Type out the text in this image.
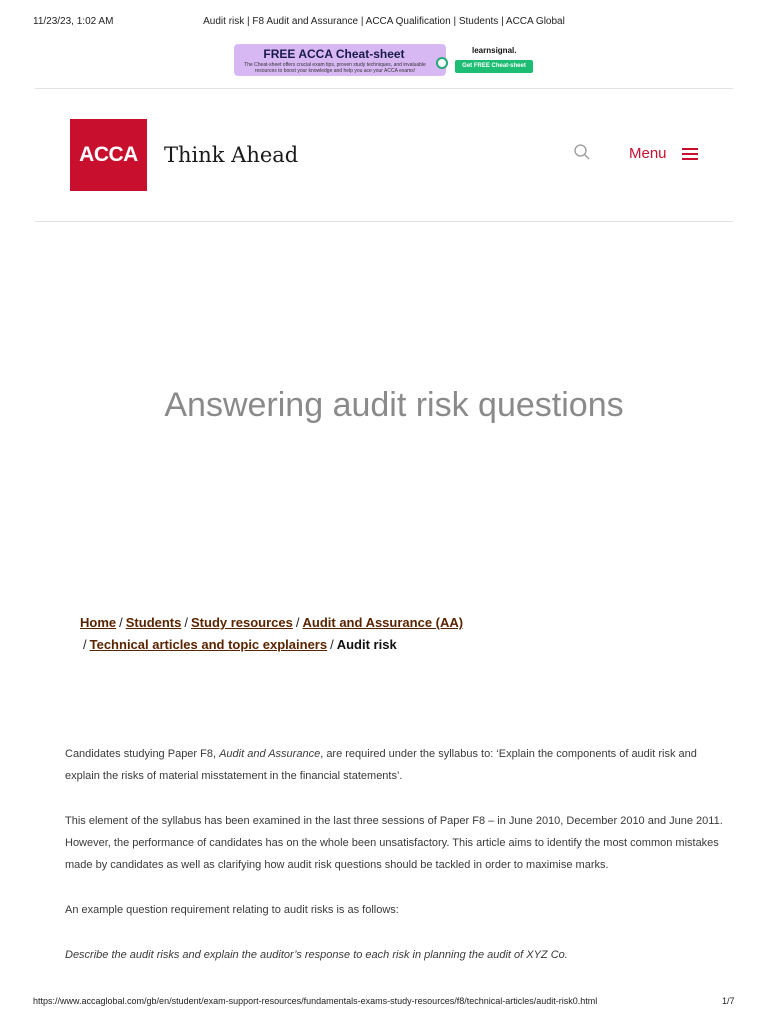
11/23/23, 1:02 AM	Audit risk | F8 Audit and Assurance | ACCA Qualification | Students | ACCA Global
FREE ACCA Cheat-sheet
The Cheat-sheet offers crucial exam tips, proven study techniques, and invaluable resources to boost your knowledge and help you ace your ACCA exams!
learnsignal.
Get FREE Cheat-sheet now!
ACCA	Think Ahead	Menu
Answering audit risk questions
Home / Students / Study resources / Audit and Assurance (AA)
/ Technical articles and topic explainers / Audit risk

Candidates studying Paper F8, Audit and Assurance, are required under the syllabus to: ‘Explain the components of audit risk and explain the risks of material misstatement in the financial statements’.

This element of the syllabus has been examined in the last three sessions of Paper F8 – in June 2010, December 2010 and June 2011. However, the performance of candidates has on the whole been unsatisfactory. This article aims to identify the most common mistakes made by candidates as well as clarifying how audit risk questions should be tackled in order to maximise marks.

An example question requirement relating to audit risks is as follows:

Describe the audit risks and explain the auditor’s response to each risk in planning the audit of XYZ Co.

https://www.accaglobal.com/gb/en/student/exam-support-resources/fundamentals-exams-study-resources/f8/technical-articles/audit-risk0.html	1/7
